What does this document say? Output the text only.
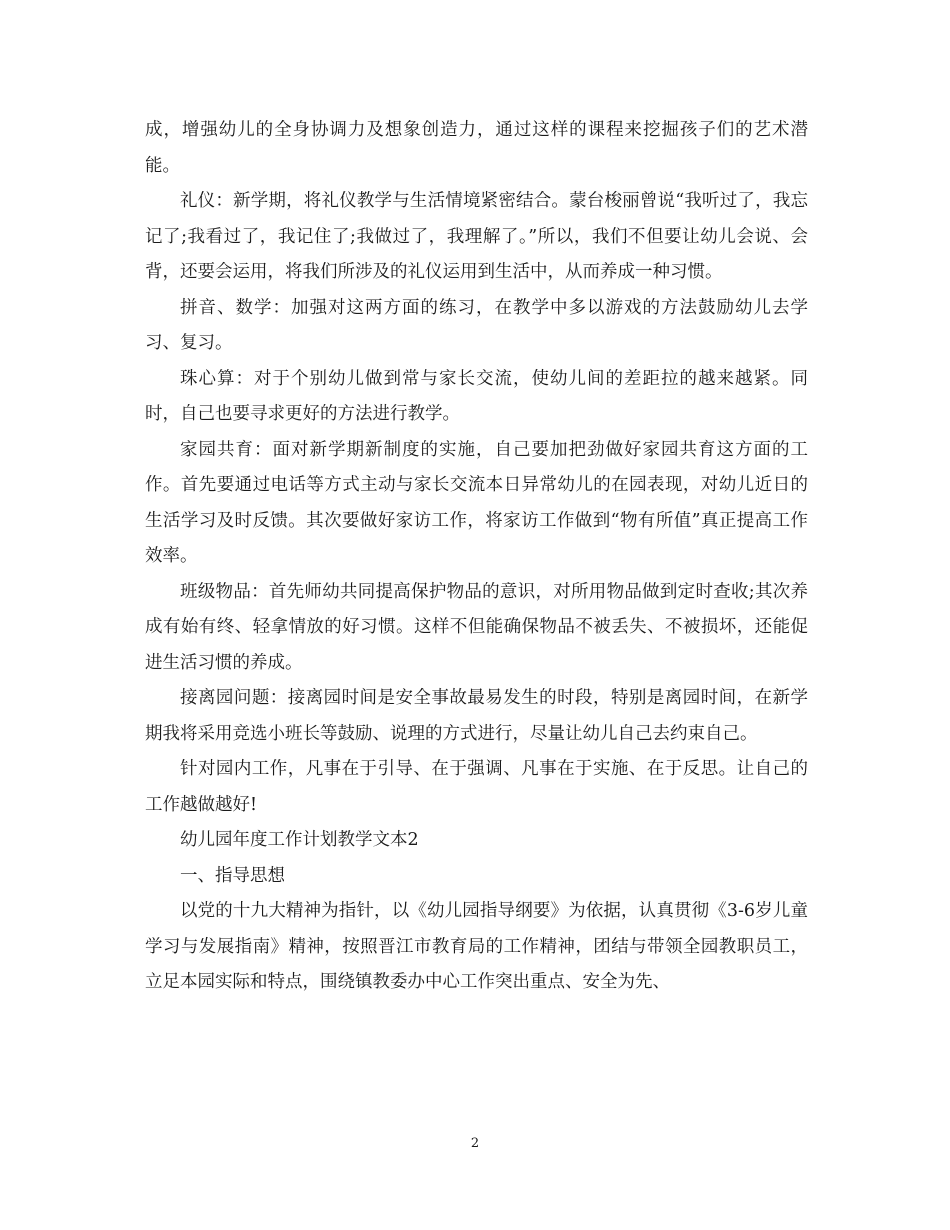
成，增强幼儿的全身协调力及想象创造力，通过这样的课程来挖掘孩子们的艺术潜能。

礼仪：新学期，将礼仪教学与生活情境紧密结合。蒙台梭丽曾说“我听过了，我忘记了;我看过了，我记住了;我做过了，我理解了。”所以，我们不但要让幼儿会说、会背，还要会运用，将我们所涉及的礼仪运用到生活中，从而养成一种习惯。

拼音、数学：加强对这两方面的练习，在教学中多以游戏的方法鼓励幼儿去学习、复习。

珠心算：对于个别幼儿做到常与家长交流，使幼儿间的差距拉的越来越紧。同时，自己也要寻求更好的方法进行教学。

家园共育：面对新学期新制度的实施，自己要加把劲做好家园共育这方面的工作。首先要通过电话等方式主动与家长交流本日异常幼儿的在园表现，对幼儿近日的生活学习及时反馈。其次要做好家访工作，将家访工作做到“物有所值”真正提高工作效率。

班级物品：首先师幼共同提高保护物品的意识，对所用物品做到定时查收;其次养成有始有终、轻拿情放的好习惯。这样不但能确保物品不被丢失、不被损坏，还能促进生活习惯的养成。

接离园问题：接离园时间是安全事故最易发生的时段，特别是离园时间，在新学期我将采用竞选小班长等鼓励、说理的方式进行，尽量让幼儿自己去约束自己。

针对园内工作，凡事在于引导、在于强调、凡事在于实施、在于反思。让自己的工作越做越好!

幼儿园年度工作计划教学文本2

一、指导思想

以党的十九大精神为指针，以《幼儿园指导纲要》为依据，认真贯彻《3-6岁儿童学习与发展指南》精神，按照晋江市教育局的工作精神，团结与带领全园教职员工，立足本园实际和特点，围绕镇教委办中心工作突出重点、安全为先、

2
